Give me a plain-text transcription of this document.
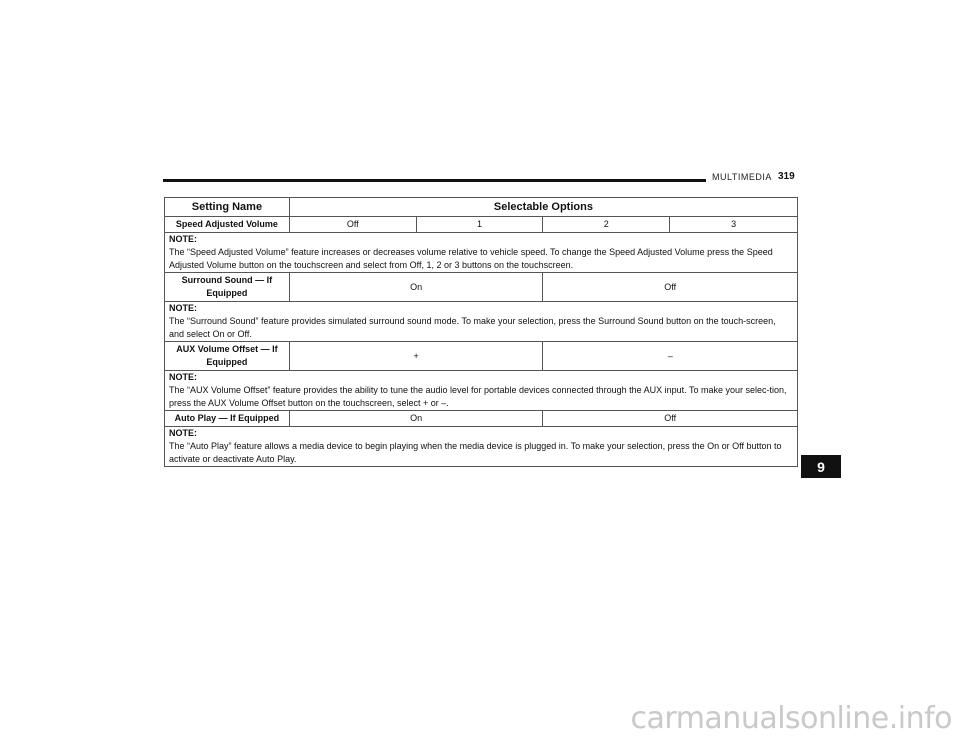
MULTIMEDIA 319
Setting Name	Selectable Options			
Speed Adjusted Volume	Off	1	2	3

NOTE:
The “Speed Adjusted Volume” feature increases or decreases volume relative to vehicle speed. To change the Speed Adjusted Volume press the Speed Adjusted Volume button on the touchscreen and select from Off, 1, 2 or 3 buttons on the touchscreen.				
Surround Sound — If Equipped	On		Off	

NOTE:
The “Surround Sound” feature provides simulated surround sound mode. To make your selection, press the Surround Sound button on the touch-screen, and select On or Off.				
AUX Volume Offset — If Equipped	+		–	

NOTE:
The “AUX Volume Offset” feature provides the ability to tune the audio level for portable devices connected through the AUX input. To make your selec-tion, press the AUX Volume Offset button on the touchscreen, select + or –.				
Auto Play — If Equipped	On		Off	

NOTE:
The “Auto Play” feature allows a media device to begin playing when the media device is plugged in. To make your selection, press the On or Off button to activate or deactivate Auto Play.					9
carmanualsonline.info
